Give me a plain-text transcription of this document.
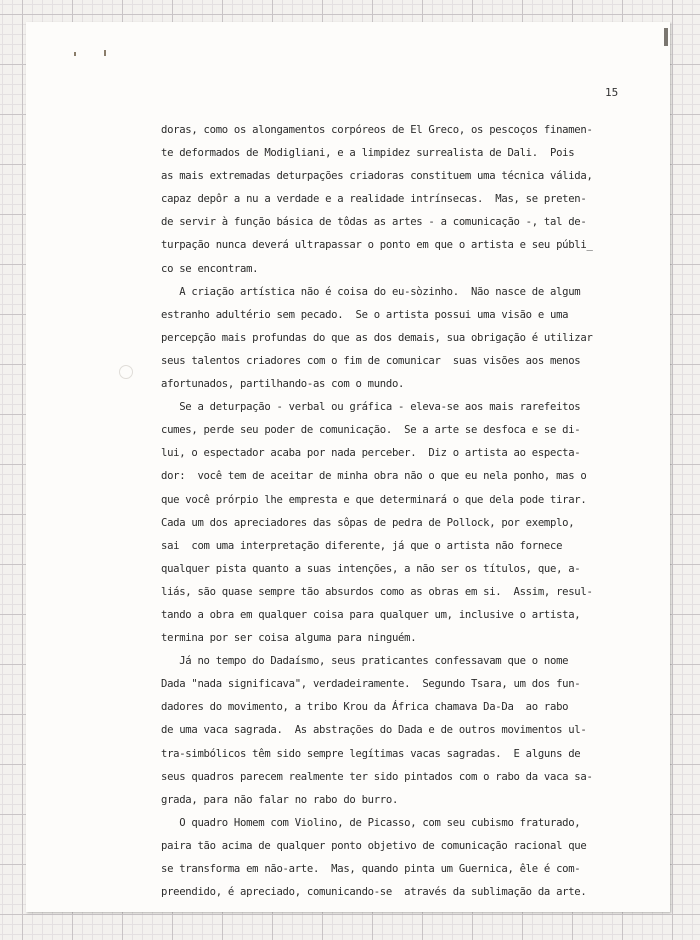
15
doras, como os alongamentos corpóreos de El Greco, os pescoços finamen-
te deformados de Modigliani, e a limpidez surrealista de Dali.  Pois
as mais extremadas deturpações criadoras constituem uma técnica válida,
capaz depôr a nu a verdade e a realidade intrínsecas.  Mas, se preten-
de servir à função básica de tôdas as artes - a comunicação -, tal de-
turpação nunca deverá ultrapassar o ponto em que o artista e seu públi_
co se encontram.
A criação artística não é coisa do eu-sòzinho.  Não nasce de algum
estranho adultério sem pecado.  Se o artista possui uma visão e uma
percepção mais profundas do que as dos demais, sua obrigação é utilizar
seus talentos criadores com o fim de comunicar  suas visões aos menos
afortunados, partilhando-as com o mundo.
Se a deturpação - verbal ou gráfica - eleva-se aos mais rarefeitos
cumes, perde seu poder de comunicação.  Se a arte se desfoca e se di-
lui, o espectador acaba por nada perceber.  Diz o artista ao especta-
dor:  você tem de aceitar de minha obra não o que eu nela ponho, mas o
que você prórpio lhe empresta e que determinará o que dela pode tirar.
Cada um dos apreciadores das sôpas de pedra de Pollock, por exemplo,
sai  com uma interpretação diferente, já que o artista não fornece
qualquer pista quanto a suas intenções, a não ser os títulos, que, a-
liás, são quase sempre tão absurdos como as obras em si.  Assim, resul-
tando a obra em qualquer coisa para qualquer um, inclusive o artista,
termina por ser coisa alguma para ninguém.
Já no tempo do Dadaísmo, seus praticantes confessavam que o nome
Dada "nada significava", verdadeiramente.  Segundo Tsara, um dos fun-
dadores do movimento, a tribo Krou da África chamava Da-Da  ao rabo
de uma vaca sagrada.  As abstrações do Dada e de outros movimentos ul-
tra-simbólicos têm sido sempre legítimas vacas sagradas.  E alguns de
seus quadros parecem realmente ter sido pintados com o rabo da vaca sa-
grada, para não falar no rabo do burro.
O quadro Homem com Violino, de Picasso, com seu cubismo fraturado,
paira tão acima de qualquer ponto objetivo de comunicação racional que
se transforma em não-arte.  Mas, quando pinta um Guernica, êle é com-
preendido, é apreciado, comunicando-se  através da sublimação da arte.
